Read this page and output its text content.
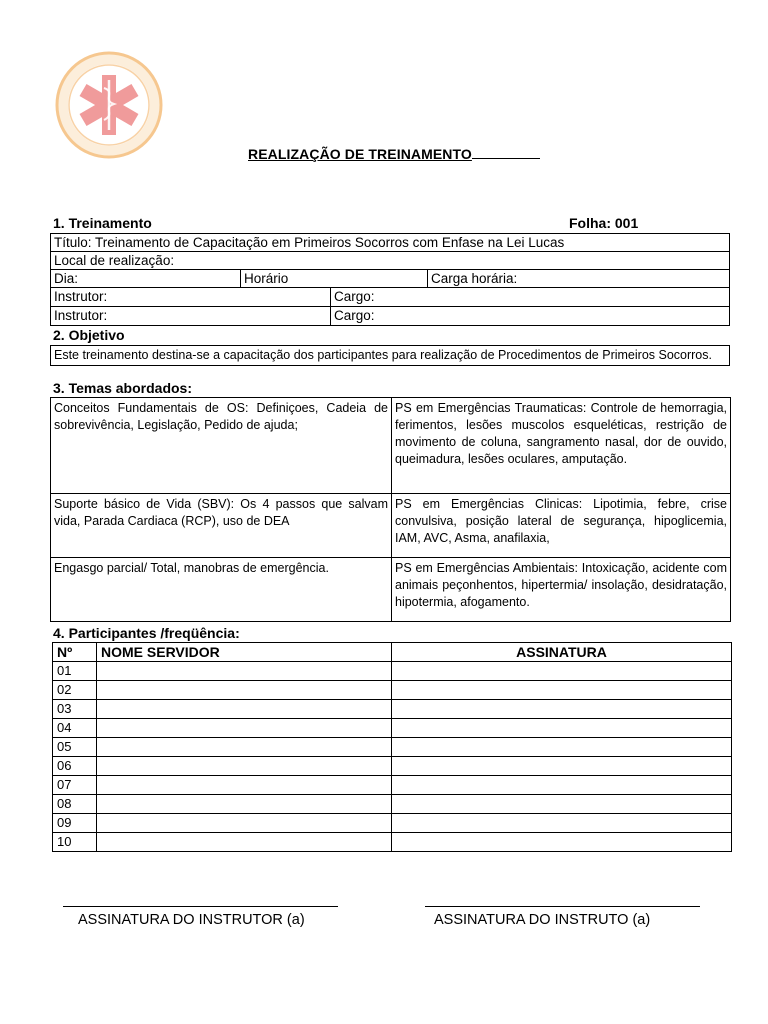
REALIZAÇÃO DE TREINAMENTO
1. Treinamento	Folha: 001
Título: Treinamento de Capacitação em Primeiros Socorros com Enfase na Lei Lucas
Local de realização:

Dia:	Horário	Carga horária:

Instrutor:	Cargo:

Instrutor:	Cargo:
2. Objetivo
Este treinamento destina-se a capacitação dos participantes para realização de Procedimentos de Primeiros Socorros.
3. Temas abordados:
Conceitos Fundamentais de OS: Definiçoes, Cadeia de sobrevivência, Legislação, Pedido de ajuda;	PS em Emergências Traumaticas: Controle de hemorragia, ferimentos, lesões muscolos esqueléticas, restrição de movimento de coluna, sangramento nasal, dor de ouvido, queimadura, lesões oculares, amputação.
Suporte básico de Vida (SBV): Os 4 passos que salvam vida, Parada Cardiaca (RCP), uso de DEA	PS em Emergências Clinicas: Lipotimia, febre, crise convulsiva, posição lateral de segurança, hipoglicemia, IAM, AVC, Asma, anafilaxia,
Engasgo parcial/ Total, manobras de emergência.	PS em Emergências Ambientais: Intoxicação, acidente com animais peçonhentos, hipertermia/ insolação, desidratação, hipotermia, afogamento.
4. Participantes /freqüência:
Nº	NOME SERVIDOR	ASSINATURA
01		
02		
03		
04		
05		
06		
07		
08		
09		
10		
ASSINATURA DO INSTRUTOR (a)	ASSINATURA DO INSTRUTO (a)
